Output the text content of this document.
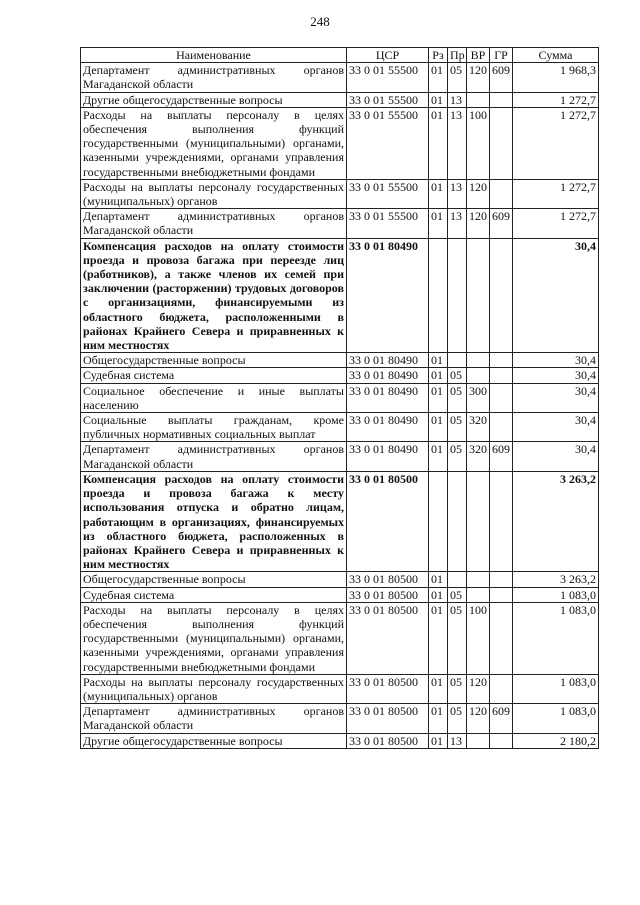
248
Наименование	ЦСР	Рз	Пр	ВР	ГР	Сумма
Департамент административных органов Магаданской области	33 0 01 55500	01	05	120	609	1 968,3
Другие общегосударственные вопросы	33 0 01 55500	01	13			1 272,7
Расходы на выплаты персоналу в целях обеспечения выполнения функций государственными (муниципальными) органами, казенными учреждениями, органами управления государственными внебюджетными фондами	33 0 01 55500	01	13	100		1 272,7
Расходы на выплаты персоналу государственных (муниципальных) органов	33 0 01 55500	01	13	120		1 272,7
Департамент административных органов Магаданской области	33 0 01 55500	01	13	120	609	1 272,7
Компенсация расходов на оплату стоимости проезда и провоза багажа при переезде лиц (работников), а также членов их семей при заключении (расторжении) трудовых договоров с организациями, финансируемыми из областного бюджета, расположенными в районах Крайнего Севера и приравненных к ним местностях	33 0 01 80490					30,4
Общегосударственные вопросы	33 0 01 80490	01				30,4
Судебная система	33 0 01 80490	01	05			30,4
Социальное обеспечение и иные выплаты населению	33 0 01 80490	01	05	300		30,4
Социальные выплаты гражданам, кроме публичных нормативных социальных выплат	33 0 01 80490	01	05	320		30,4
Департамент административных органов Магаданской области	33 0 01 80490	01	05	320	609	30,4
Компенсация расходов на оплату стоимости проезда и провоза багажа к месту использования отпуска и обратно лицам, работающим в организациях, финансируемых из областного бюджета, расположенных в районах Крайнего Севера и приравненных к ним местностях	33 0 01 80500					3 263,2
Общегосударственные вопросы	33 0 01 80500	01				3 263,2
Судебная система	33 0 01 80500	01	05			1 083,0
Расходы на выплаты персоналу в целях обеспечения выполнения функций государственными (муниципальными) органами, казенными учреждениями, органами управления государственными внебюджетными фондами	33 0 01 80500	01	05	100		1 083,0
Расходы на выплаты персоналу государственных (муниципальных) органов	33 0 01 80500	01	05	120		1 083,0
Департамент административных органов Магаданской области	33 0 01 80500	01	05	120	609	1 083,0
Другие общегосударственные вопросы	33 0 01 80500	01	13			2 180,2
